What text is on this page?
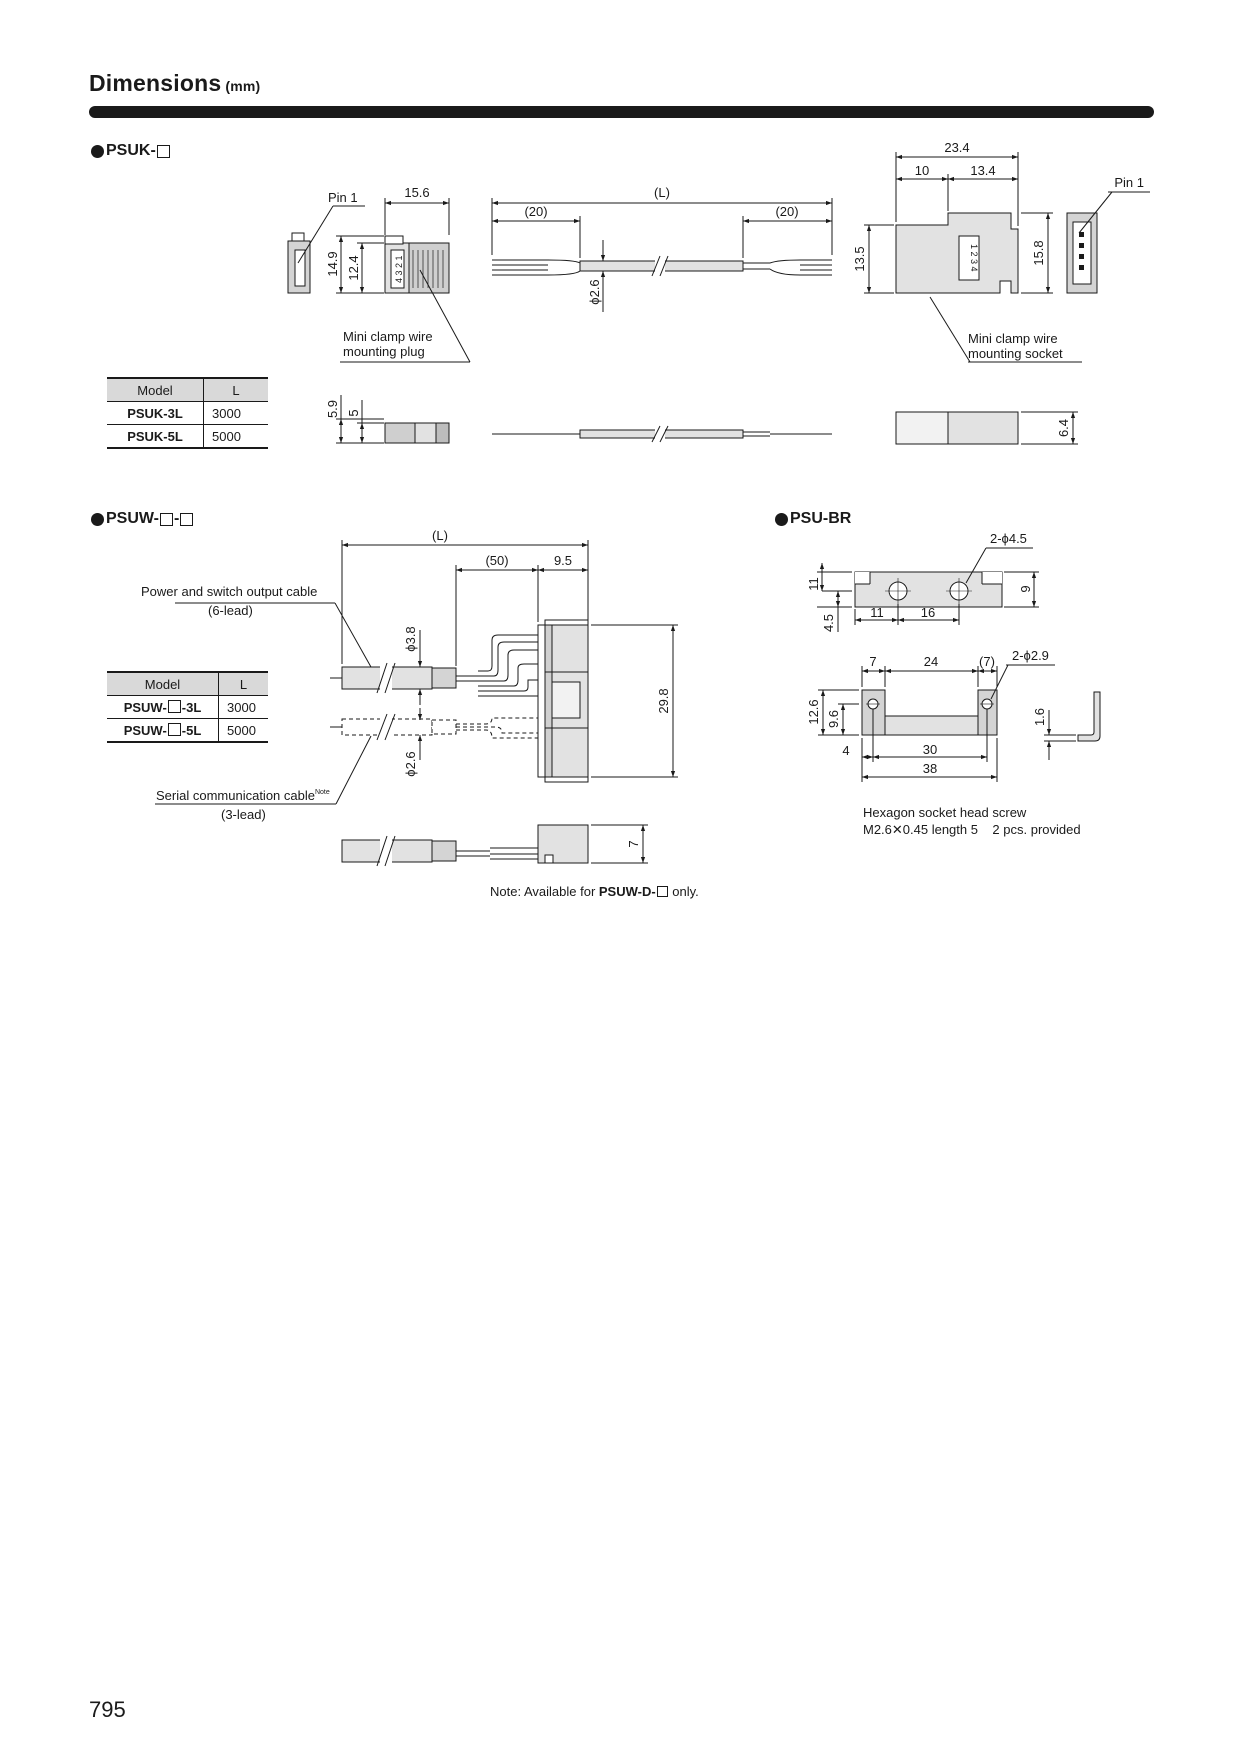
Dimensions (mm)
PSUK-
PSUW- -	PSU-BR
Model	L
PSUK-3L	3000
PSUK-5L	5000
Model	L
PSUW- -3L	3000
PSUW- -5L	5000
Pin 1
4 3 2 1
15.6
14.9 12.4
Mini clamp wire
mounting plug
(L)
(20)	(20)
ϕ2.6
1 2 3 4
23.4
10	13.4
13.5	15.8
Mini clamp wire
mounting socket
Pin 1
5.9 5
6.4
(L)
(50)	9.5
ϕ3.8
ϕ2.6
29.8
Power and switch output cable
(6-lead)
Serial communication cable$^{Note}$
(3-lead)
7
11
4.5
11	16
9
2-ϕ4.5
7	24	(7) 2-ϕ2.9
12.6 9.6
4	30
38
1.6
Hexagon socket head screw
M2.6✕0.45 length 5    2 pcs. provided
Note: Available for PSUW-D- only.
795
